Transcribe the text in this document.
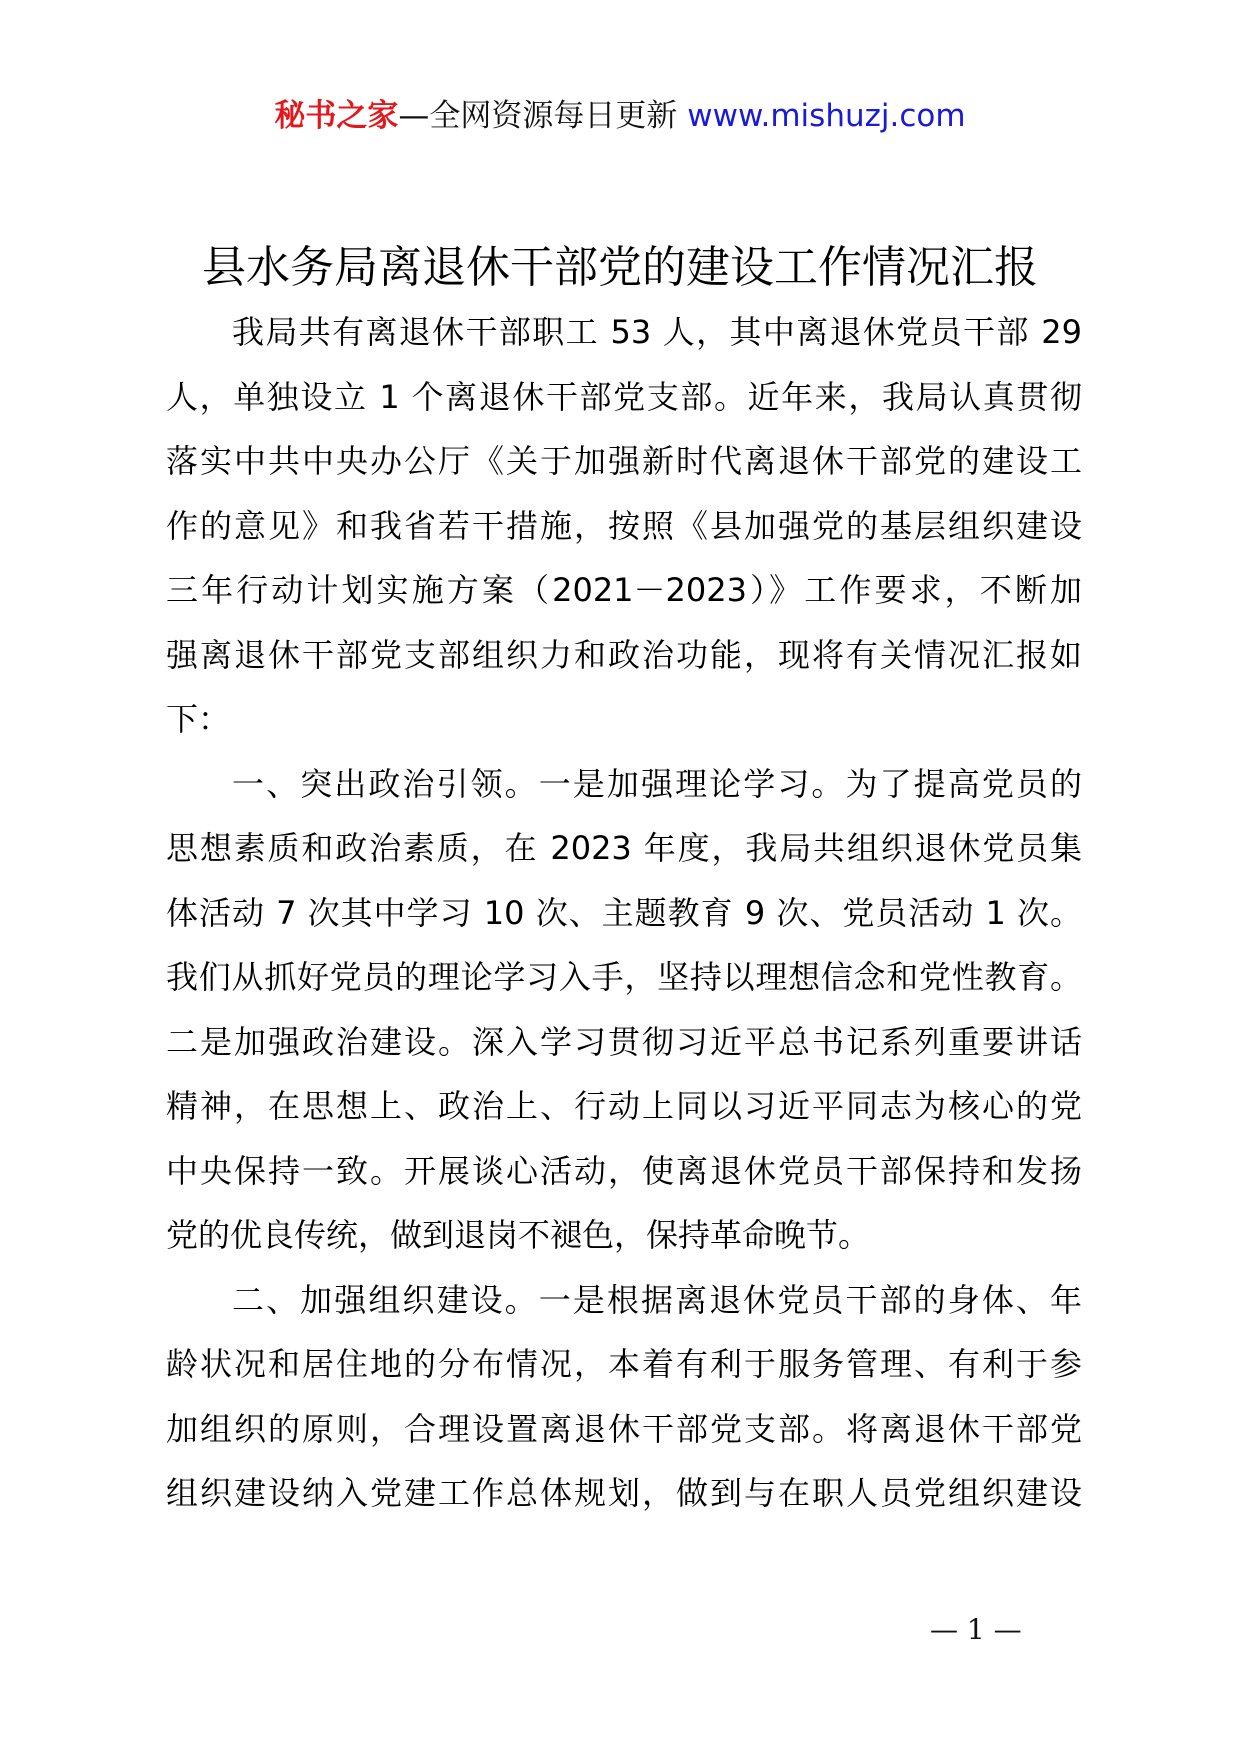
秘书之家—全网资源每日更新 www.mishuzj.com
县水务局离退休干部党的建设工作情况汇报
我局共有离退休干部职工 53 人，其中离退休党员干部 29
人，单独设立 1 个离退休干部党支部。近年来，我局认真贯彻
落实中共中央办公厅《关于加强新时代离退休干部党的建设工
作的意见》和我省若干措施，按照《县加强党的基层组织建设
三年行动计划实施方案（2021－2023）》工作要求，不断加
强离退休干部党支部组织力和政治功能，现将有关情况汇报如
下：
一、突出政治引领。一是加强理论学习。为了提高党员的
思想素质和政治素质，在 2023 年度，我局共组织退休党员集
体活动 7 次其中学习 10 次、主题教育 9 次、党员活动 1 次。
我们从抓好党员的理论学习入手，坚持以理想信念和党性教育。
二是加强政治建设。深入学习贯彻习近平总书记系列重要讲话
精神，在思想上、政治上、行动上同以习近平同志为核心的党
中央保持一致。开展谈心活动，使离退休党员干部保持和发扬
党的优良传统，做到退岗不褪色，保持革命晚节。
二、加强组织建设。一是根据离退休党员干部的身体、年
龄状况和居住地的分布情况，本着有利于服务管理、有利于参
加组织的原则，合理设置离退休干部党支部。将离退休干部党
组织建设纳入党建工作总体规划，做到与在职人员党组织建设
— 1 —
